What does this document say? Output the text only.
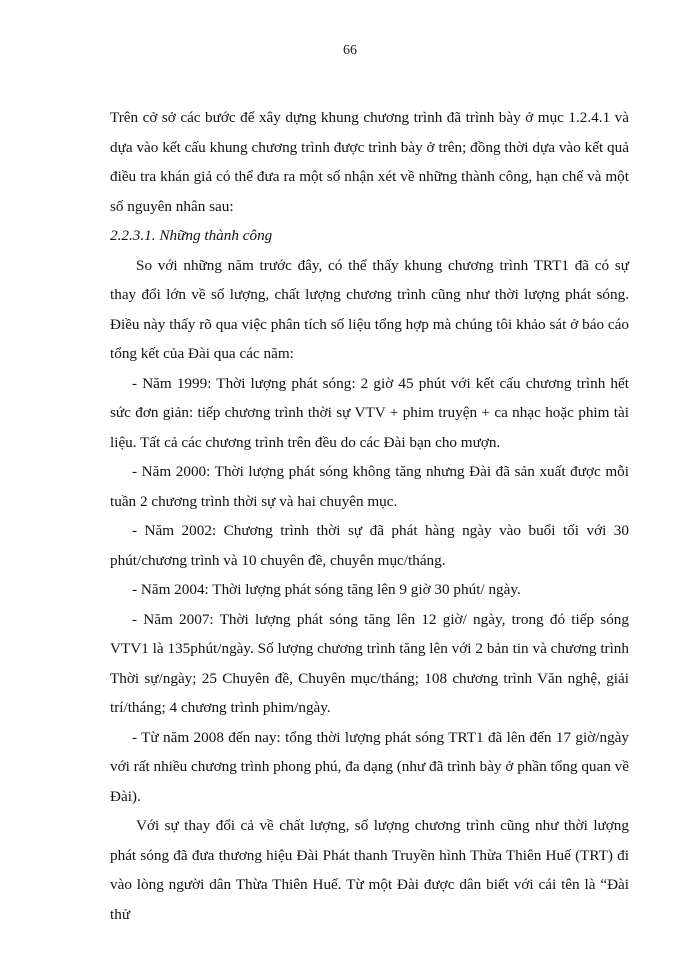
66

Trên cở sở các bước để xây dựng khung chương trình đã trình bày ở mục 1.2.4.1 và dựa vào kết cấu khung chương trình được trình bày ở trên; đồng thời dựa vào kết quả điều tra khán giả có thể đưa ra một số nhận xét về những thành công, hạn chế và một số nguyên nhân sau:

2.2.3.1. Những thành công

So với những năm trước đây, có thể thấy khung chương trình TRT1 đã có sự thay đổi lớn về số lượng, chất lượng chương trình cũng như thời lượng phát sóng. Điều này thấy rõ qua việc phân tích số liệu tổng hợp mà chúng tôi khảo sát ở báo cáo tổng kết của Đài qua các năm:

- Năm 1999: Thời lượng phát sóng: 2 giờ 45 phút với kết cấu chương trình hết sức đơn giản: tiếp chương trình thời sự VTV + phim truyện + ca nhạc hoặc phim tài liệu. Tất cả các chương trình trên đều do các Đài bạn cho mượn.

- Năm 2000: Thời lượng phát sóng không tăng nhưng Đài đã sản xuất được mỗi tuần 2 chương trình thời sự và hai chuyên mục.

- Năm 2002: Chương trình thời sự đã phát hàng ngày vào buổi tối với 30 phút/chương trình và 10 chuyên đề, chuyên mục/tháng.

- Năm 2004: Thời lượng phát sóng tăng lên 9 giờ 30 phút/ ngày.

- Năm 2007: Thời lượng phát sóng tăng lên 12 giờ/ ngày, trong đó tiếp sóng VTV1 là 135phút/ngày. Số lượng chương trình tăng lên với 2 bản tin và chương trình Thời sự/ngày; 25 Chuyên đề, Chuyên mục/tháng; 108 chương trình Văn nghệ, giải trí/tháng; 4 chương trình phim/ngày.

- Từ năm 2008 đến nay: tổng thời lượng phát sóng TRT1 đã lên đến 17 giờ/ngày với rất nhiều chương trình phong phú, đa dạng (như đã trình bày ở phần tổng quan về Đài).

Với sự thay đổi cả về chất lượng, số lượng chương trình cũng như thời lượng phát sóng đã đưa thương hiệu Đài Phát thanh Truyền hình Thừa Thiên Huế (TRT) đi vào lòng người dân Thừa Thiên Huế. Từ một Đài được dân biết với cái tên là “Đài thử
